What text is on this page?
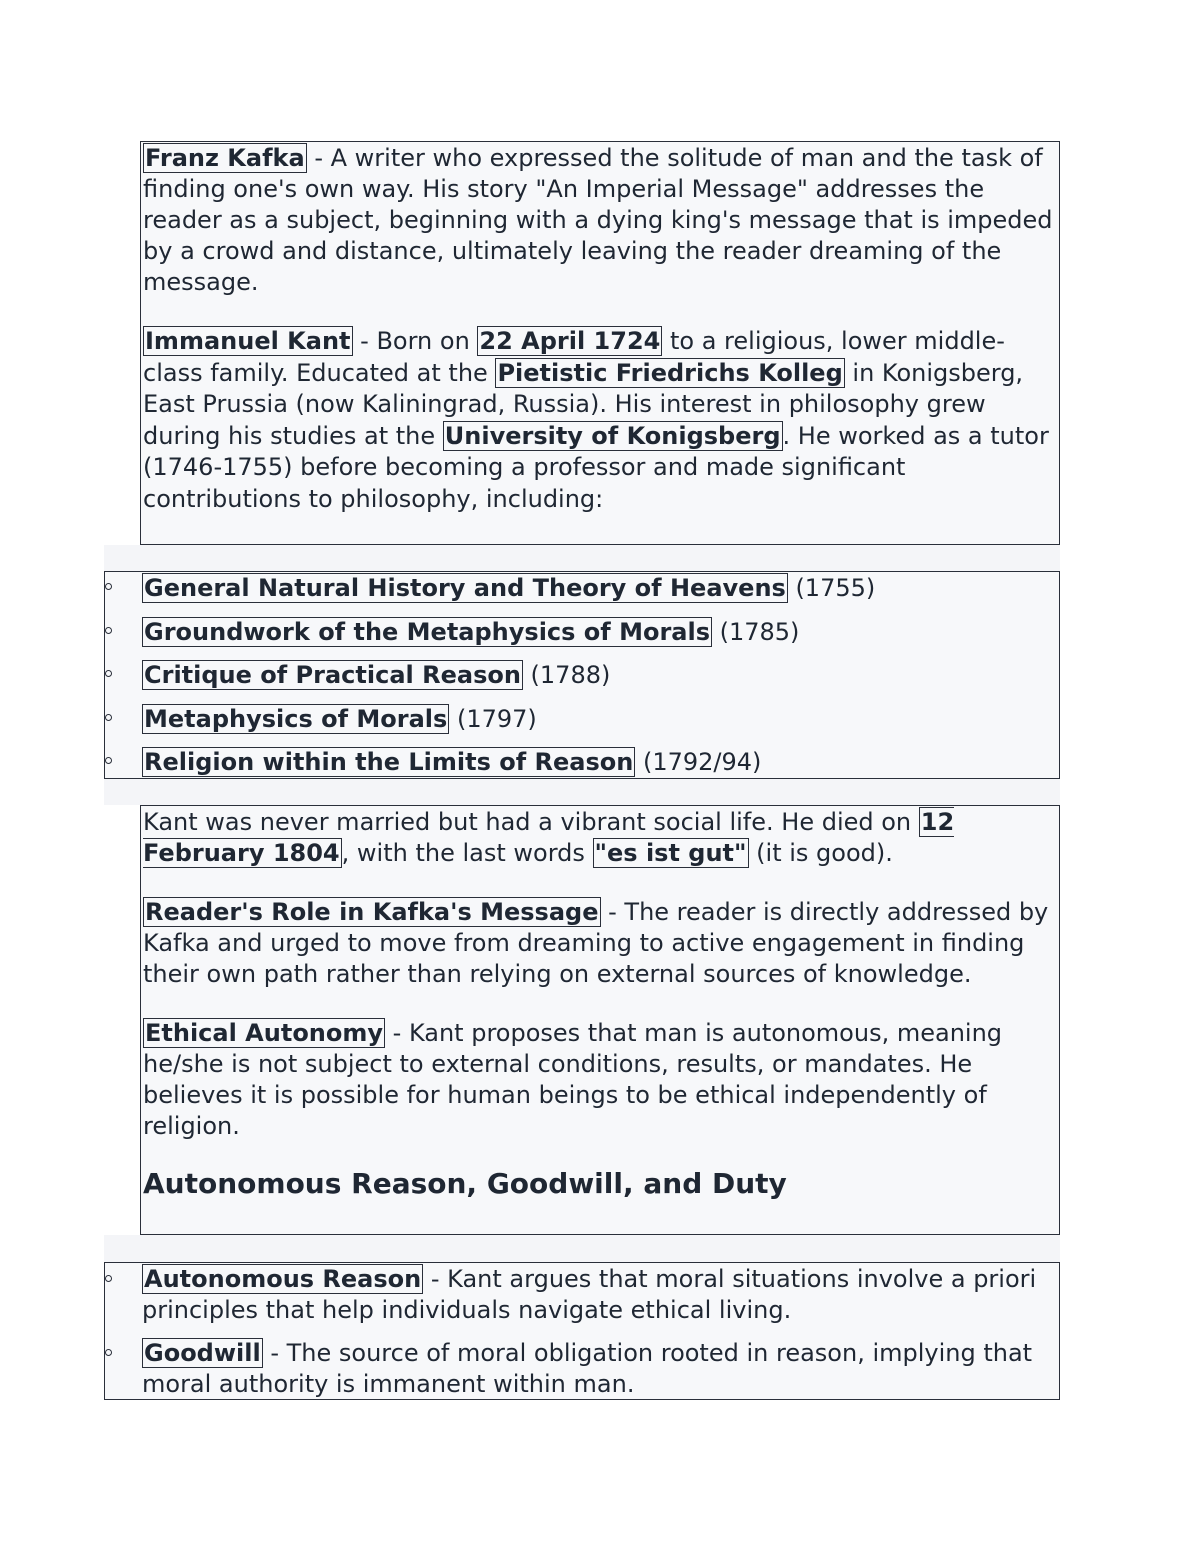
Franz Kafka - A writer who expressed the solitude of man and the task of finding one's own way. His story "An Imperial Message" addresses the reader as a subject, beginning with a dying king's message that is impeded by a crowd and distance, ultimately leaving the reader dreaming of the message.

Immanuel Kant - Born on 22 April 1724 to a religious, lower middle-class family. Educated at the Pietistic Friedrichs Kolleg in Konigsberg, East Prussia (now Kaliningrad, Russia). His interest in philosophy grew during his studies at the University of Konigsberg. He worked as a tutor (1746-1755) before becoming a professor and made significant contributions to philosophy, including:

General Natural History and Theory of Heavens (1755)
Groundwork of the Metaphysics of Morals (1785)
Critique of Practical Reason (1788)
Metaphysics of Morals (1797)
Religion within the Limits of Reason (1792/94)

Kant was never married but had a vibrant social life. He died on 12 February 1804, with the last words "es ist gut" (it is good).

Reader's Role in Kafka's Message - The reader is directly addressed by Kafka and urged to move from dreaming to active engagement in finding their own path rather than relying on external sources of knowledge.

Ethical Autonomy - Kant proposes that man is autonomous, meaning he/she is not subject to external conditions, results, or mandates. He believes it is possible for human beings to be ethical independently of religion.

Autonomous Reason, Goodwill, and Duty
Autonomous Reason - Kant argues that moral situations involve a priori principles that help individuals navigate ethical living.
Goodwill - The source of moral obligation rooted in reason, implying that moral authority is immanent within man.
